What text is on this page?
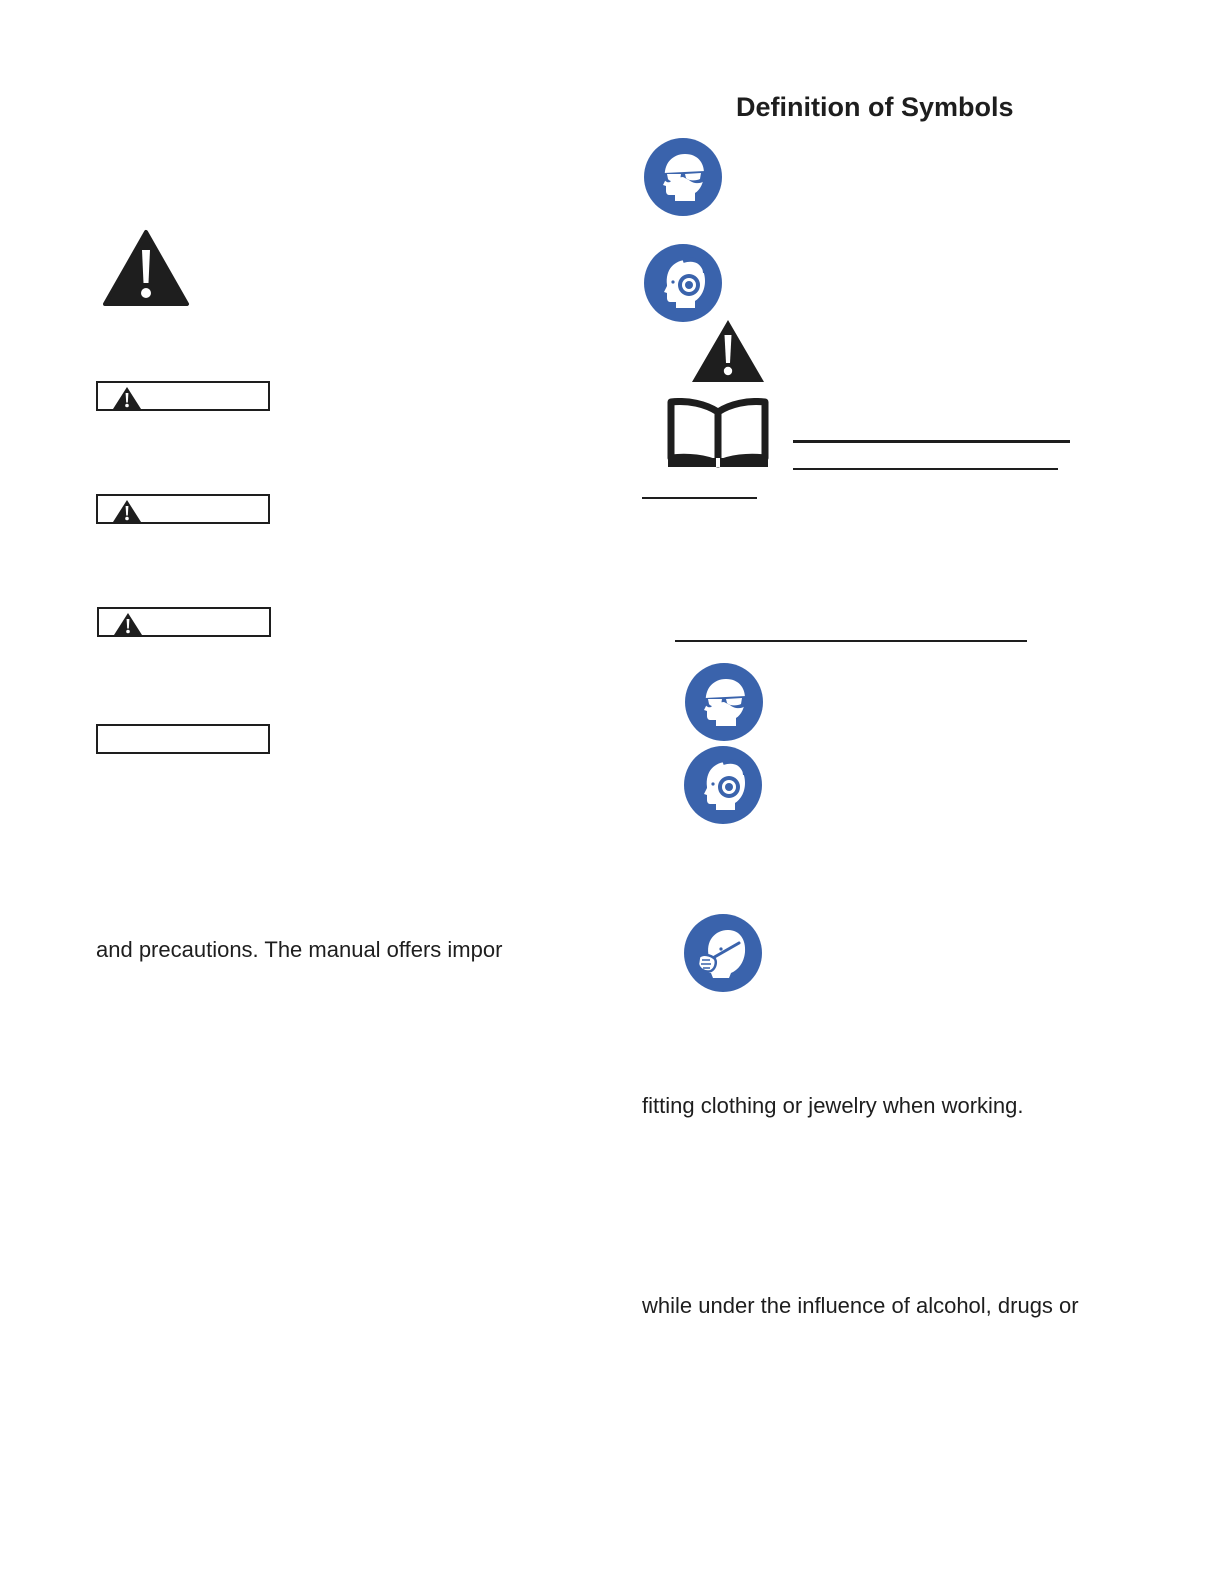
and precautions. The manual offers impor
Definition of Symbols
fitting clothing or jewelry when working.
while under the influence of alcohol, drugs or
